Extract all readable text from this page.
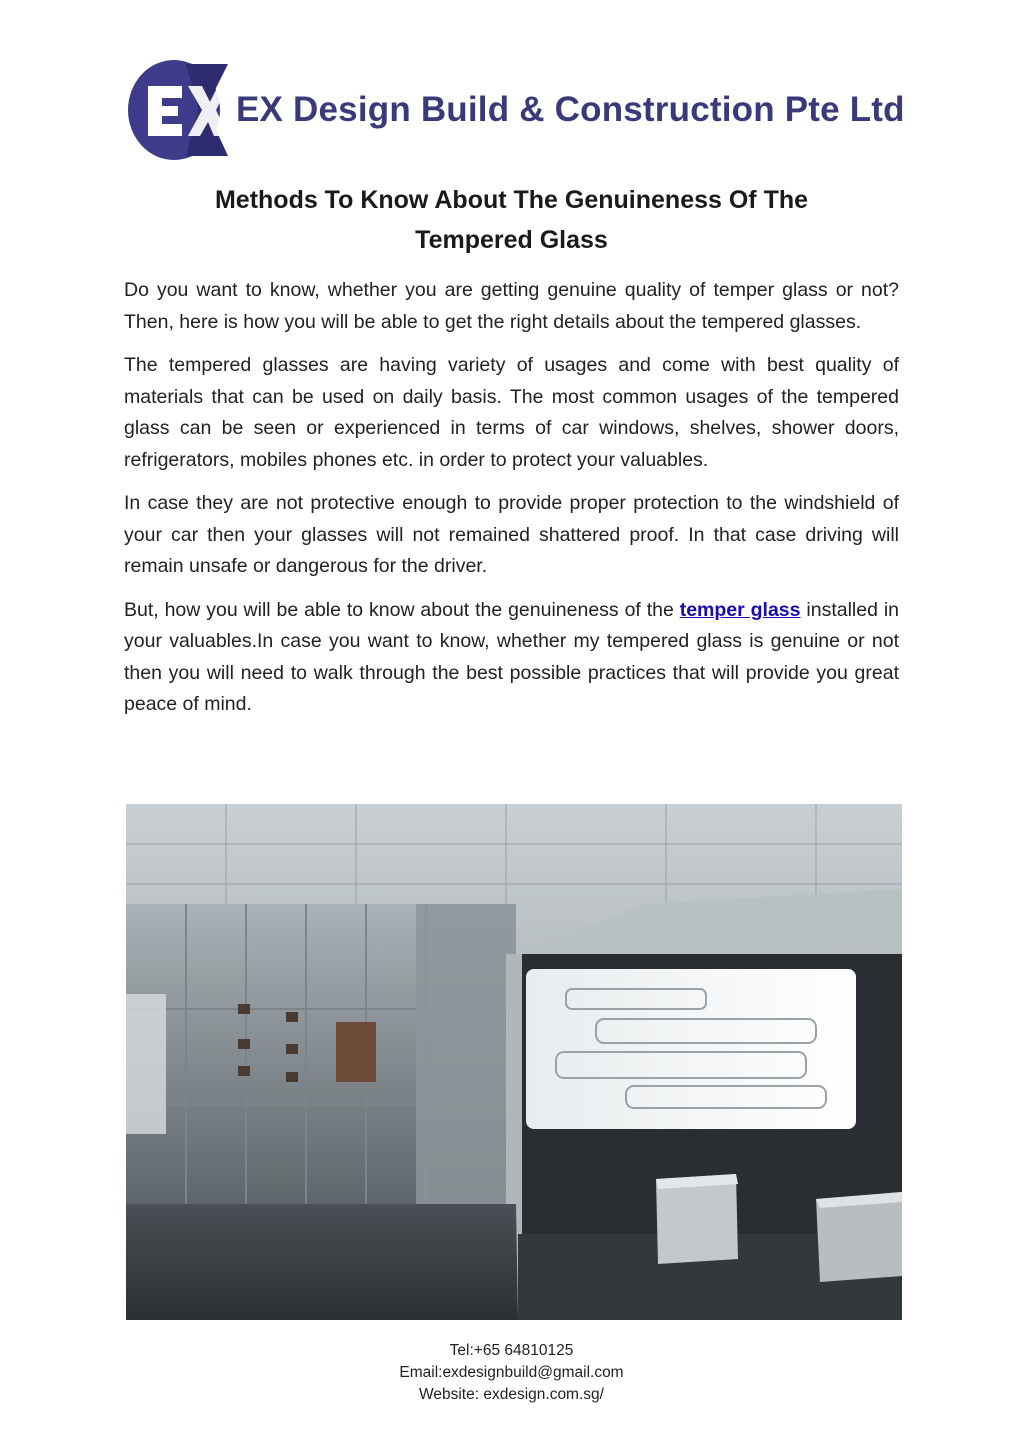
EX Design Build & Construction Pte Ltd
Methods To Know About The Genuineness Of The
Tempered Glass

Do you want to know, whether you are getting genuine quality of temper glass or not? Then, here is how you will be able to get the right details about the tempered glasses.

The tempered glasses are having variety of usages and come with best quality of materials that can be used on daily basis. The most common usages of the tempered glass can be seen or experienced in terms of car windows, shelves, shower doors, refrigerators, mobiles phones etc. in order to protect your valuables.

In case they are not protective enough to provide proper protection to the windshield of your car then your glasses will not remained shattered proof. In that case driving will remain unsafe or dangerous for the driver.

But, how you will be able to know about the genuineness of the temper glass installed in your valuables.In case you want to know, whether my tempered glass is genuine or not then you will need to walk through the best possible practices that will provide you great peace of mind.

Tel:+65 64810125
Email:exdesignbuild@gmail.com
Website: exdesign.com.sg/
